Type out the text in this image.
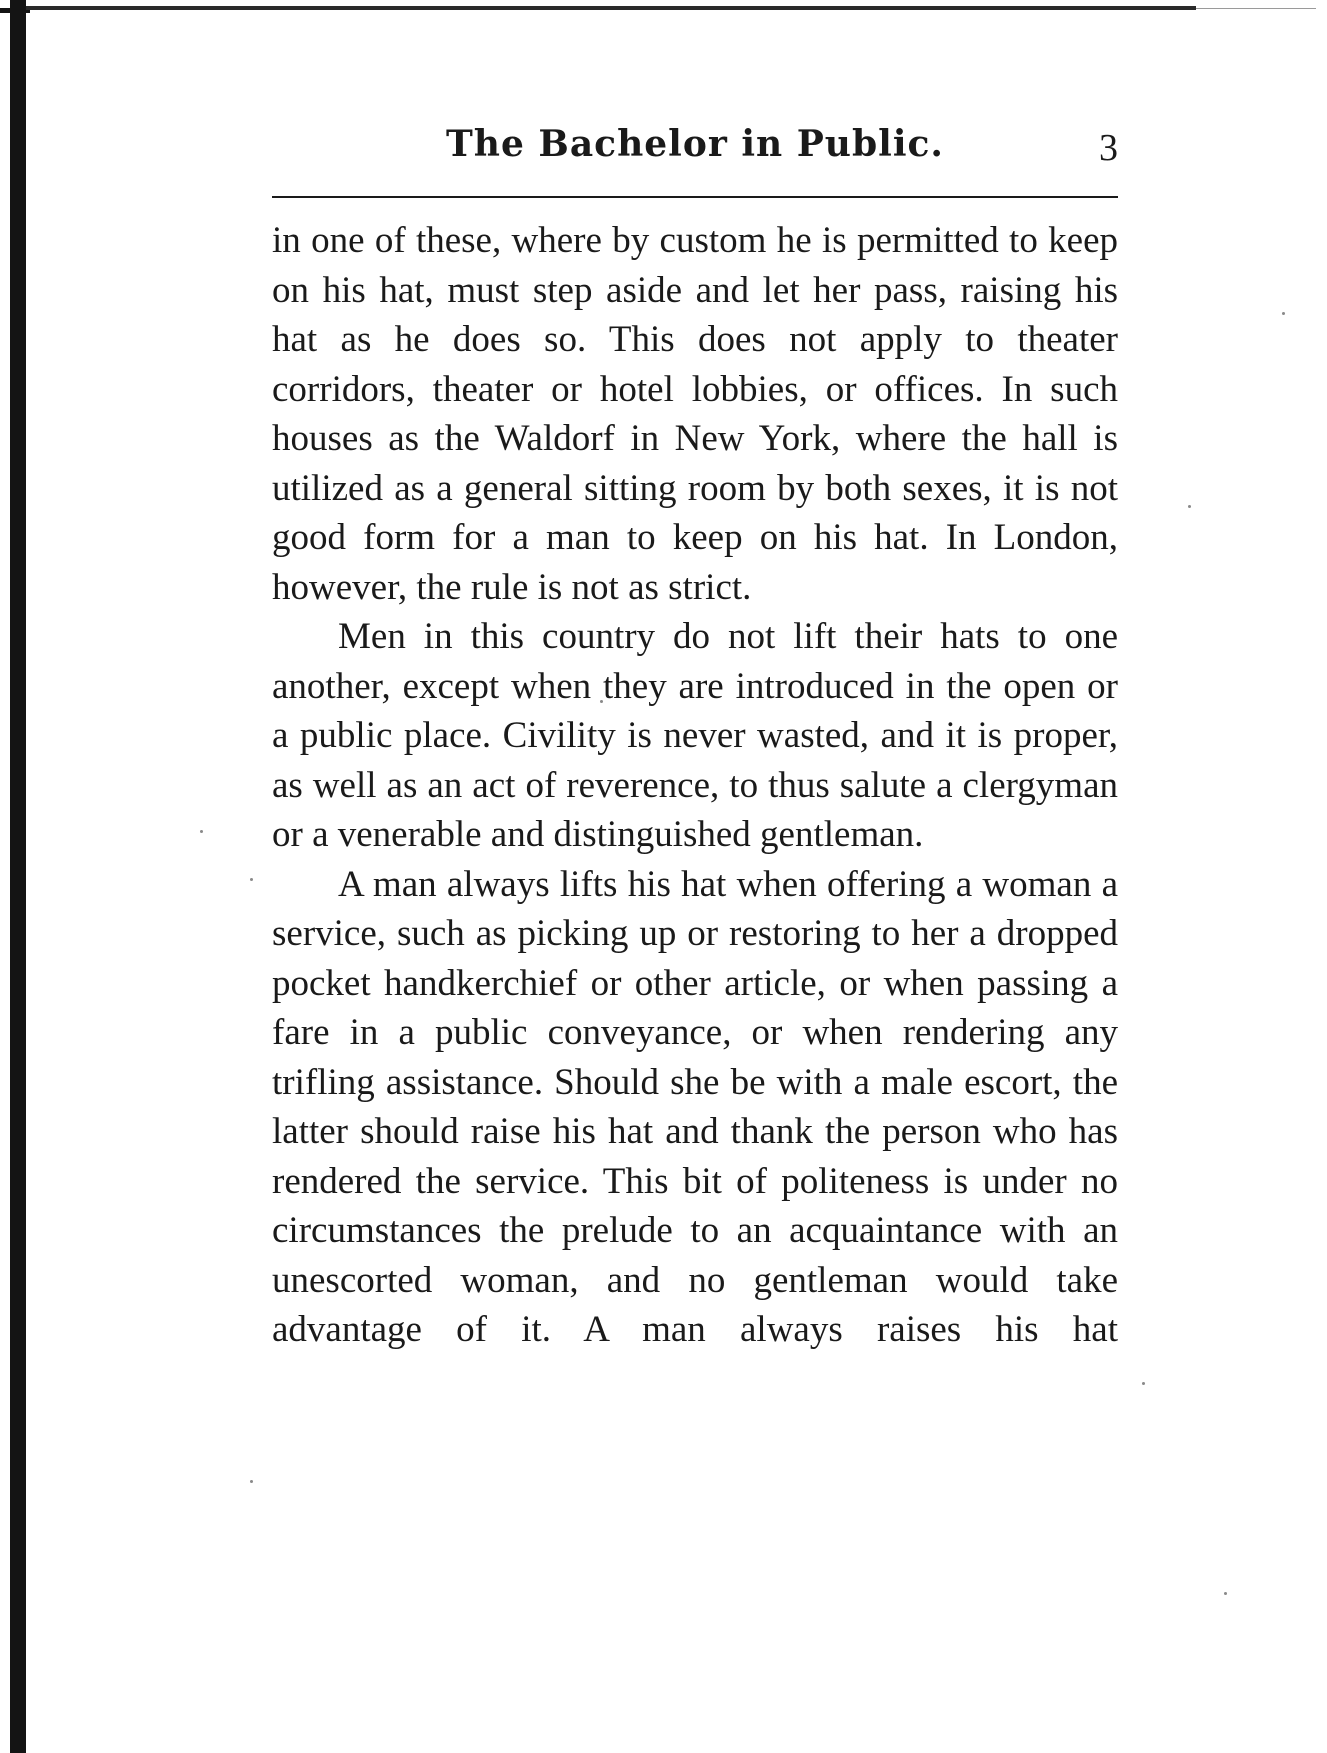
The Bachelor in Public.	3

in one of these, where by custom he is permitted to keep on his hat, must step aside and let her pass, raising his hat as he does so. This does not apply to theater corridors, theater or hotel lobbies, or offices. In such houses as the Waldorf in New York, where the hall is utilized as a general sitting room by both sexes, it is not good form for a man to keep on his hat. In London, however, the rule is not as strict.

Men in this country do not lift their hats to one another, except when they are introduced in the open or a public place. Civility is never wasted, and it is proper, as well as an act of reverence, to thus salute a clergyman or a venerable and distinguished gentleman.

A man always lifts his hat when offering a woman a service, such as picking up or restoring to her a dropped pocket handkerchief or other article, or when passing a fare in a public conveyance, or when rendering any trifling assistance. Should she be with a male escort, the latter should raise his hat and thank the person who has rendered the service. This bit of politeness is under no circumstances the prelude to an acquaintance with an unescorted woman, and no gentleman would take advantage of it. A man always raises his hat
